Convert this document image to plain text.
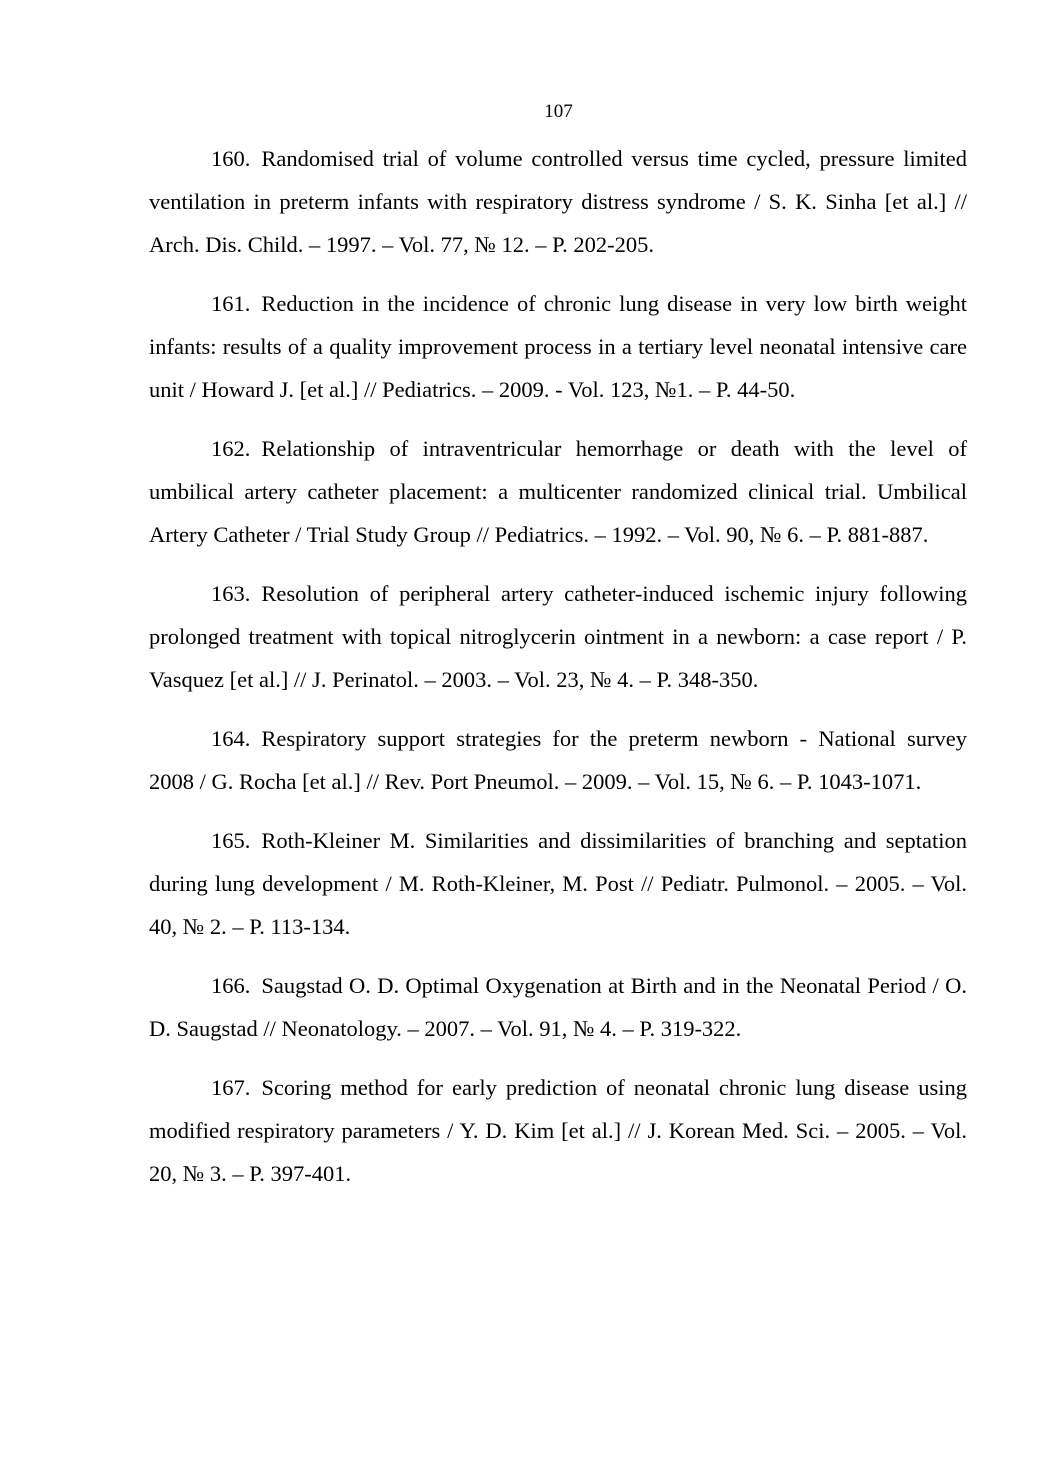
107

160. Randomised trial of volume controlled versus time cycled, pressure limited ventilation in preterm infants with respiratory distress syndrome / S. K. Sinha [et al.] // Arch. Dis. Child. – 1997. – Vol. 77, № 12. – P. 202-205.

161. Reduction in the incidence of chronic lung disease in very low birth weight infants: results of a quality improvement process in a tertiary level neonatal intensive care unit / Howard J. [et al.] // Pediatrics. – 2009. - Vol. 123, №1. – P. 44-50.

162. Relationship of intraventricular hemorrhage or death with the level of umbilical artery catheter placement: a multicenter randomized clinical trial. Umbilical Artery Catheter / Trial Study Group // Pediatrics. – 1992. – Vol. 90, № 6. – P. 881-887.

163. Resolution of peripheral artery catheter-induced ischemic injury following prolonged treatment with topical nitroglycerin ointment in a newborn: a case report / P. Vasquez [et al.] // J. Perinatol. – 2003. – Vol. 23, № 4. – P. 348-350.

164. Respiratory support strategies for the preterm newborn - National survey 2008 / G. Rocha [et al.] // Rev. Port Pneumol. – 2009. – Vol. 15, № 6. – P. 1043-1071.

165. Roth-Kleiner M. Similarities and dissimilarities of branching and septation during lung development / M. Roth-Kleiner, M. Post // Pediatr. Pulmonol. – 2005. – Vol. 40, № 2. – P. 113-134.

166. Saugstad O. D. Optimal Oxygenation at Birth and in the Neonatal Period / O. D. Saugstad // Neonatology. – 2007. – Vol. 91, № 4. – P. 319-322.

167. Scoring method for early prediction of neonatal chronic lung disease using modified respiratory parameters / Y. D. Kim [et al.] // J. Korean Med. Sci. – 2005. – Vol. 20, № 3. – P. 397-401.
